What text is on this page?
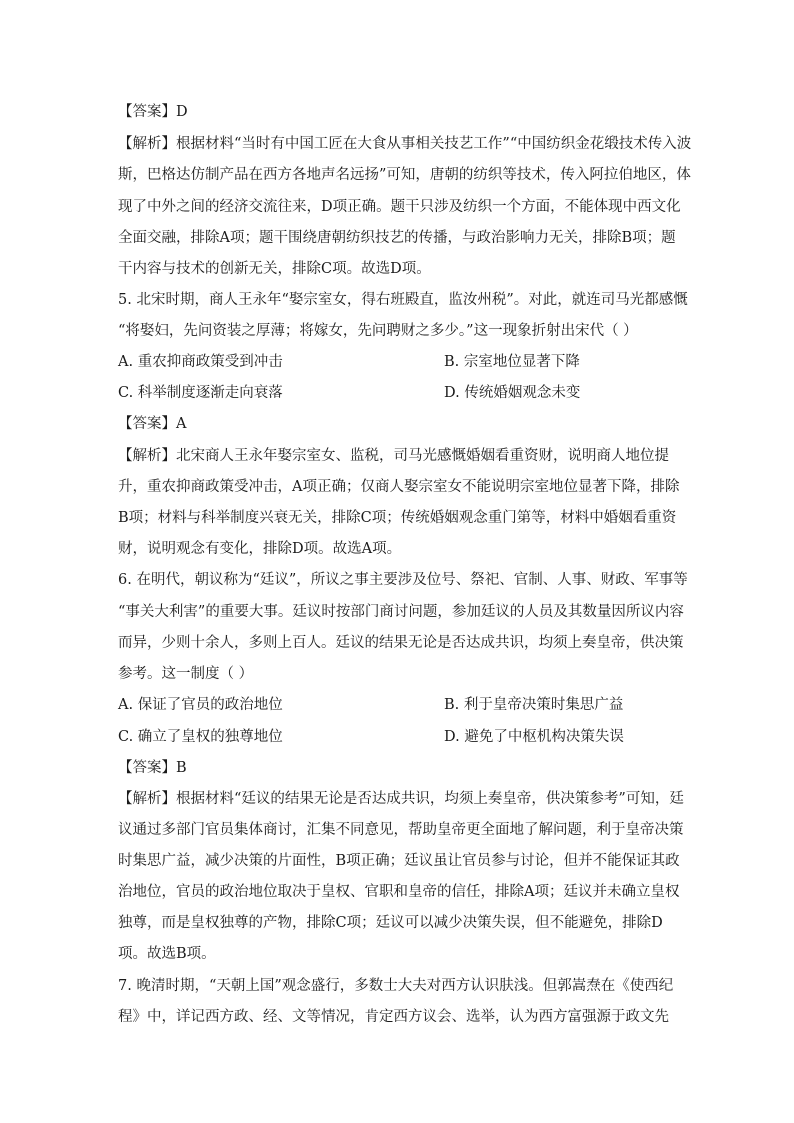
【答案】D
【解析】根据材料“当时有中国工匠在大食从事相关技艺工作”“中国纺织金花缎技术传入波
斯，巴格达仿制产品在西方各地声名远扬”可知，唐朝的纺织等技术，传入阿拉伯地区，体
现了中外之间的经济交流往来，D项正确。题干只涉及纺织一个方面，不能体现中西文化
全面交融，排除A项；题干围绕唐朝纺织技艺的传播，与政治影响力无关，排除B项；题
干内容与技术的创新无关，排除C项。故选D项。
5. 北宋时期，商人王永年“娶宗室女，得右班殿直，监汝州税”。对此，就连司马光都感慨
“将娶妇，先问资装之厚薄；将嫁女，先问聘财之多少。”这一现象折射出宋代（ ）
A. 重农抑商政策受到冲击	B. 宗室地位显著下降
C. 科举制度逐渐走向衰落	D. 传统婚姻观念未变
【答案】A
【解析】北宋商人王永年娶宗室女、监税，司马光感慨婚姻看重资财，说明商人地位提
升，重农抑商政策受冲击，A项正确；仅商人娶宗室女不能说明宗室地位显著下降，排除
B项；材料与科举制度兴衰无关，排除C项；传统婚姻观念重门第等，材料中婚姻看重资
财，说明观念有变化，排除D项。故选A项。
6. 在明代，朝议称为“廷议”，所议之事主要涉及位号、祭祀、官制、人事、财政、军事等
“事关大利害”的重要大事。廷议时按部门商讨问题，参加廷议的人员及其数量因所议内容
而异，少则十余人，多则上百人。廷议的结果无论是否达成共识，均须上奏皇帝，供决策
参考。这一制度（ ）
A. 保证了官员的政治地位	B. 利于皇帝决策时集思广益
C. 确立了皇权的独尊地位	D. 避免了中枢机构决策失误
【答案】B
【解析】根据材料“廷议的结果无论是否达成共识，均须上奏皇帝，供决策参考”可知，廷
议通过多部门官员集体商讨，汇集不同意见，帮助皇帝更全面地了解问题，利于皇帝决策
时集思广益，减少决策的片面性，B项正确；廷议虽让官员参与讨论，但并不能保证其政
治地位，官员的政治地位取决于皇权、官职和皇帝的信任，排除A项；廷议并未确立皇权
独尊，而是皇权独尊的产物，排除C项；廷议可以减少决策失误，但不能避免，排除D
项。故选B项。
7. 晚清时期，“天朝上国”观念盛行，多数士大夫对西方认识肤浅。但郭嵩焘在《使西纪
程》中，详记西方政、经、文等情况，肯定西方议会、选举，认为西方富强源于政文先
